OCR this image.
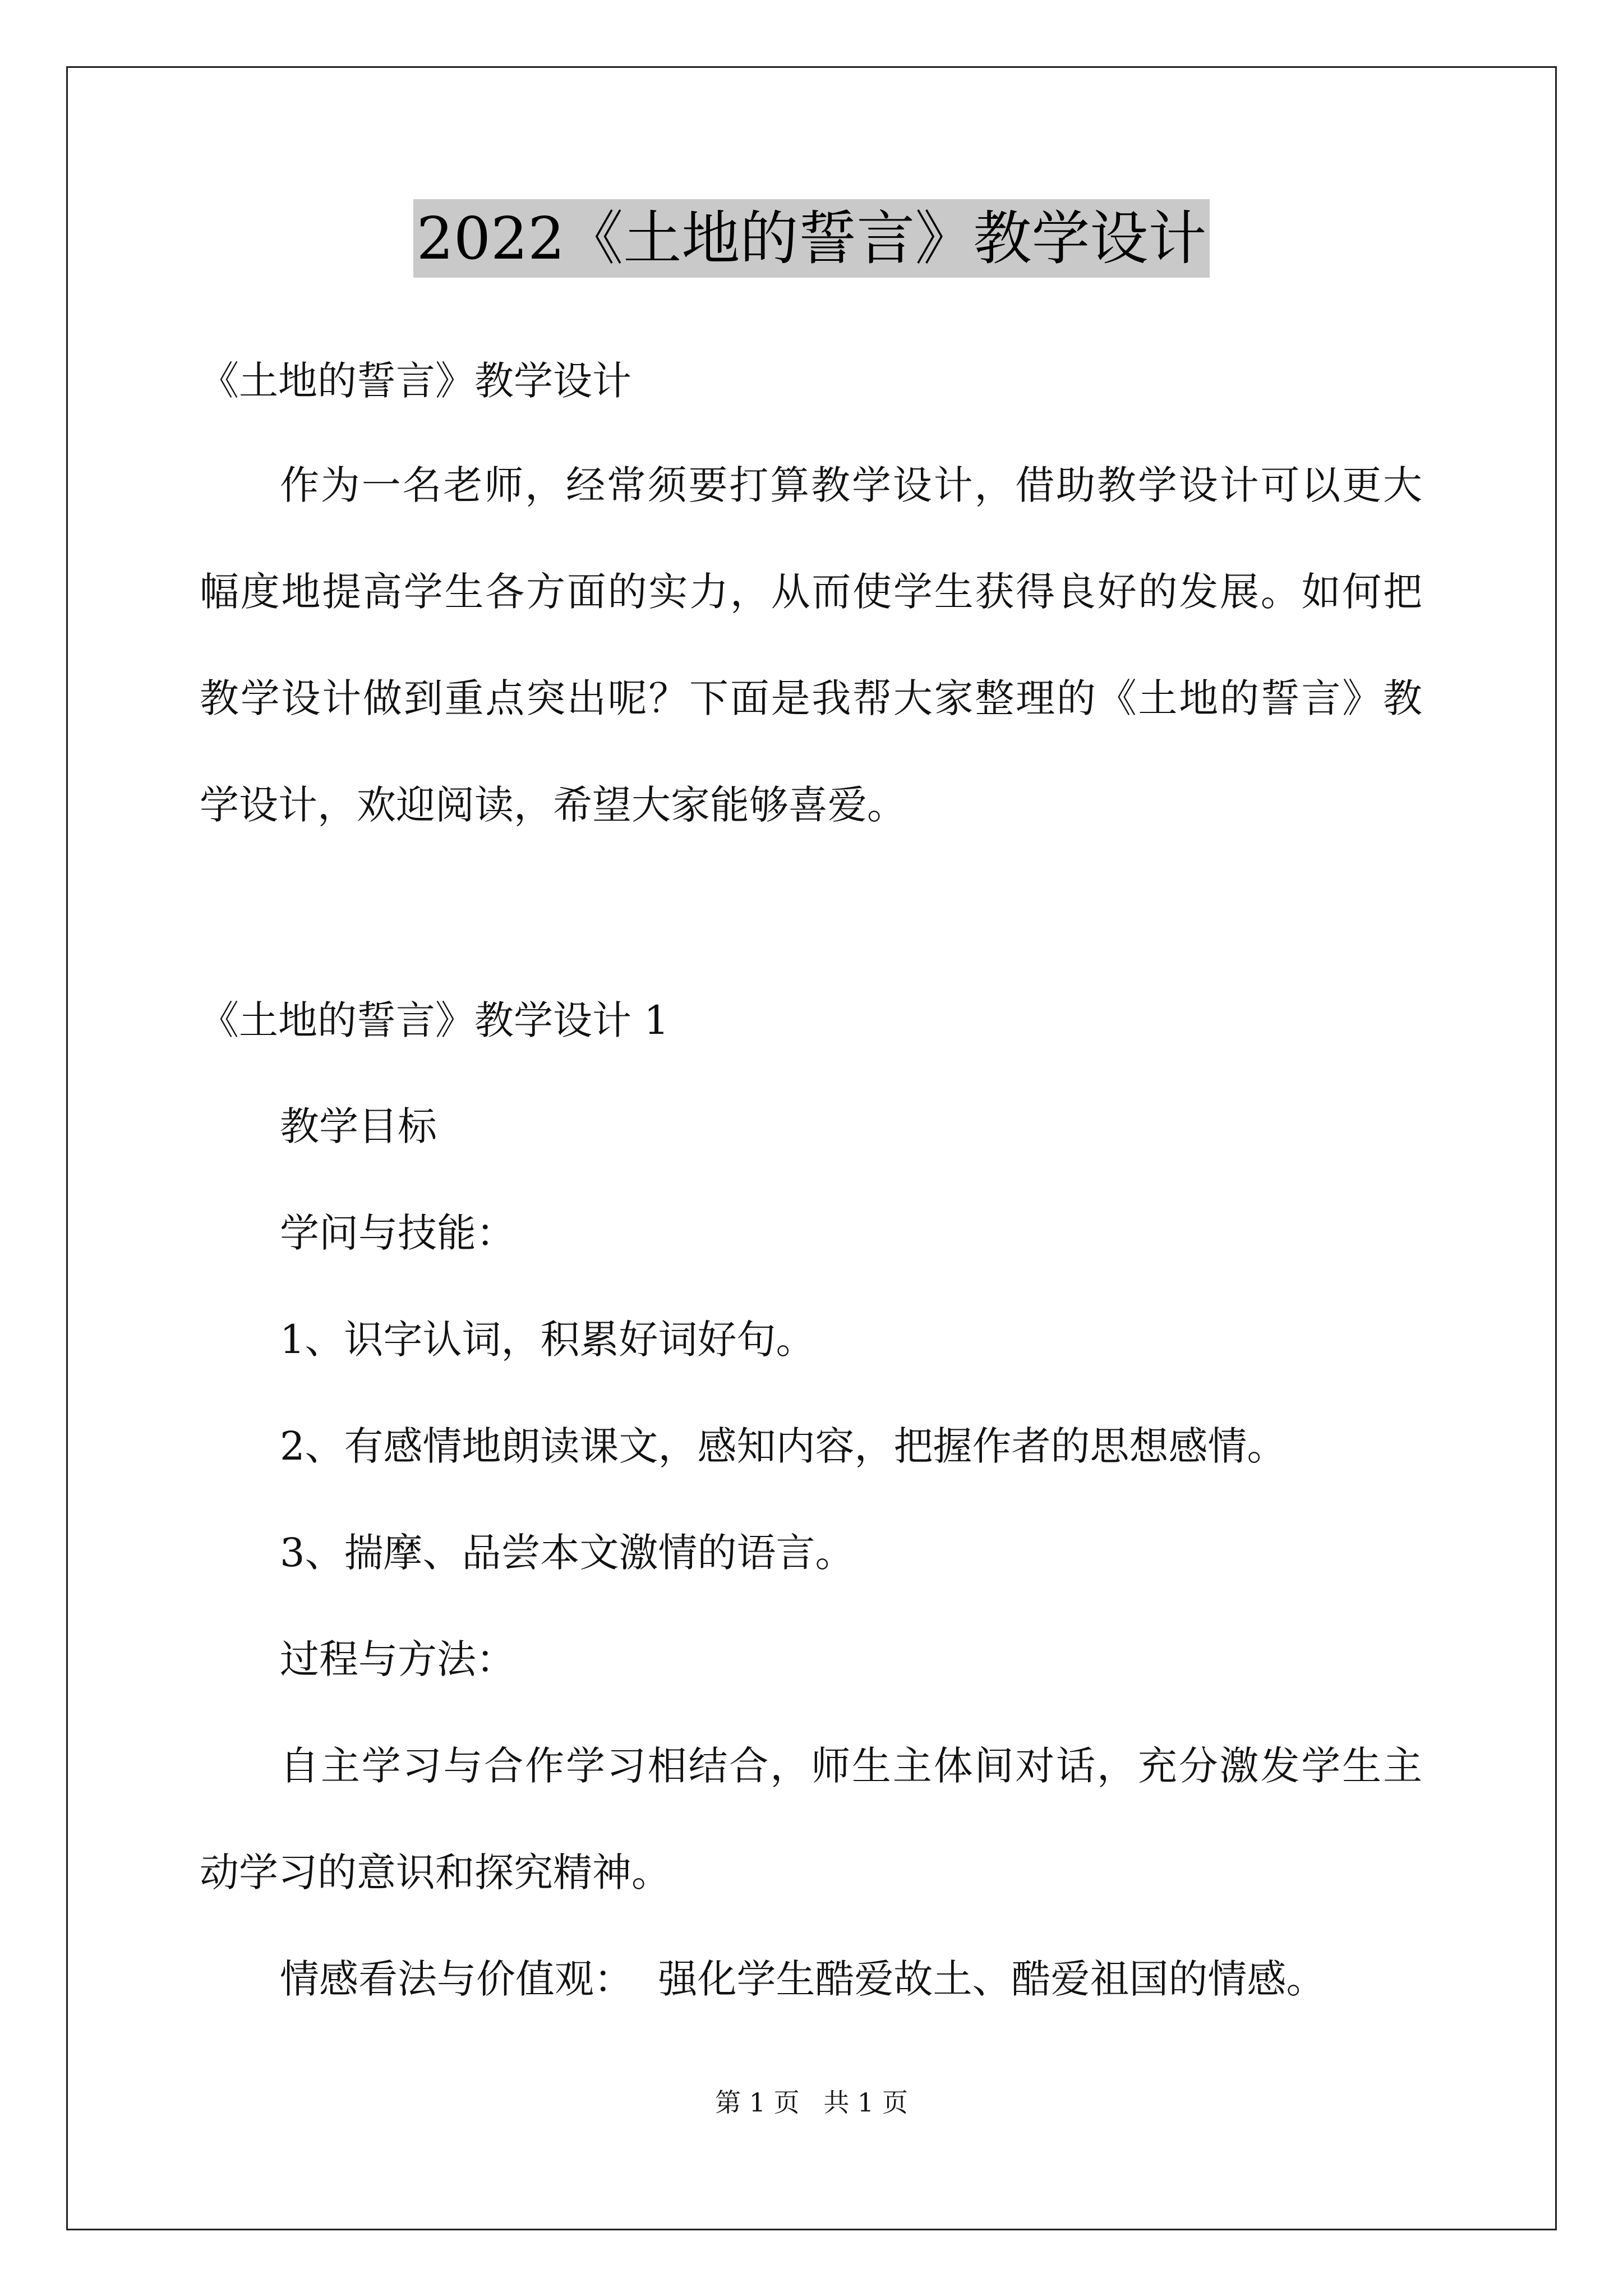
2022《土地的誓言》教学设计
《土地的誓言》教学设计
作为一名老师，经常须要打算教学设计，借助教学设计可以更大
幅度地提高学生各方面的实力，从而使学生获得良好的发展。如何把
教学设计做到重点突出呢？下面是我帮大家整理的《土地的誓言》教
学设计，欢迎阅读，希望大家能够喜爱。
《土地的誓言》教学设计 1
教学目标
学问与技能：
1、识字认词，积累好词好句。
2、有感情地朗读课文，感知内容，把握作者的思想感情。
3、揣摩、品尝本文激情的语言。
过程与方法：
自主学习与合作学习相结合，师生主体间对话，充分激发学生主
动学习的意识和探究精神。
情感看法与价值观：  强化学生酷爱故土、酷爱祖国的情感。
第 1 页 共 1 页
